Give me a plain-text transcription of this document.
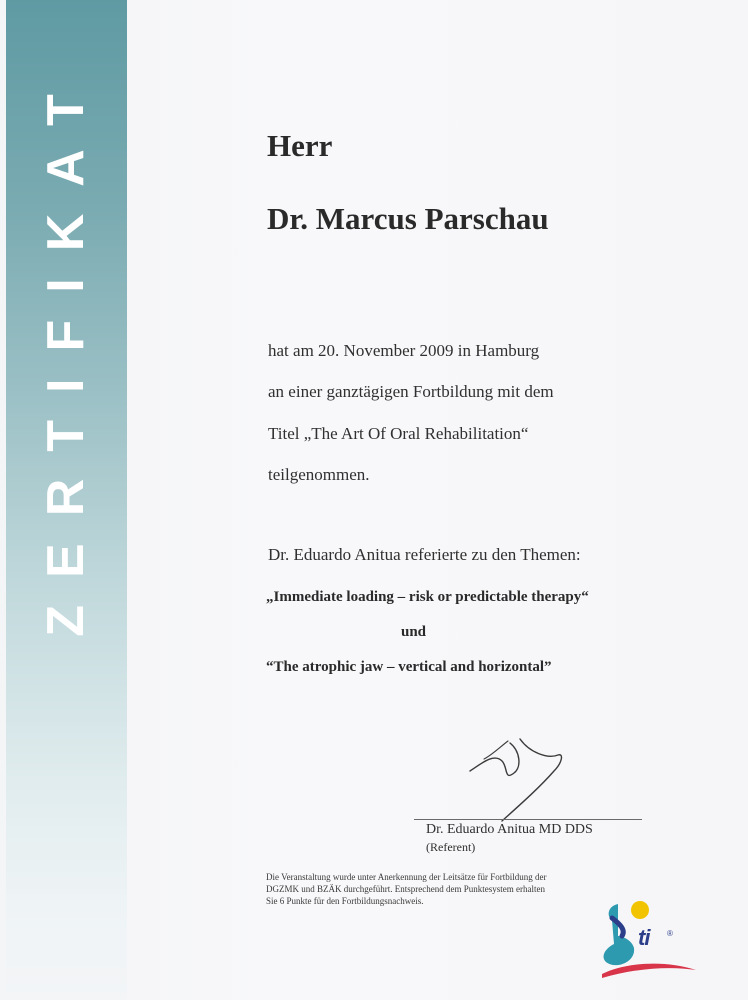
ZERTIFIKAT	Herr
Dr. Marcus Parschau
hat am 20. November 2009 in Hamburg
an einer ganztägigen Fortbildung mit dem
Titel „The Art Of Oral Rehabilitation“
teilgenommen.
Dr. Eduardo Anitua referierte zu den Themen:
„Immediate loading – risk or predictable therapy“
und
“The atrophic jaw – vertical and horizontal”
Dr. Eduardo Anitua MD DDS
(Referent)
Die Veranstaltung wurde unter Anerkennung der Leitsätze für Fortbildung der
DGZMK und BZÄK durchgeführt. Entsprechend dem Punktesystem erhalten
Sie 6 Punkte für den Fortbildungsnachweis.
ti ®
